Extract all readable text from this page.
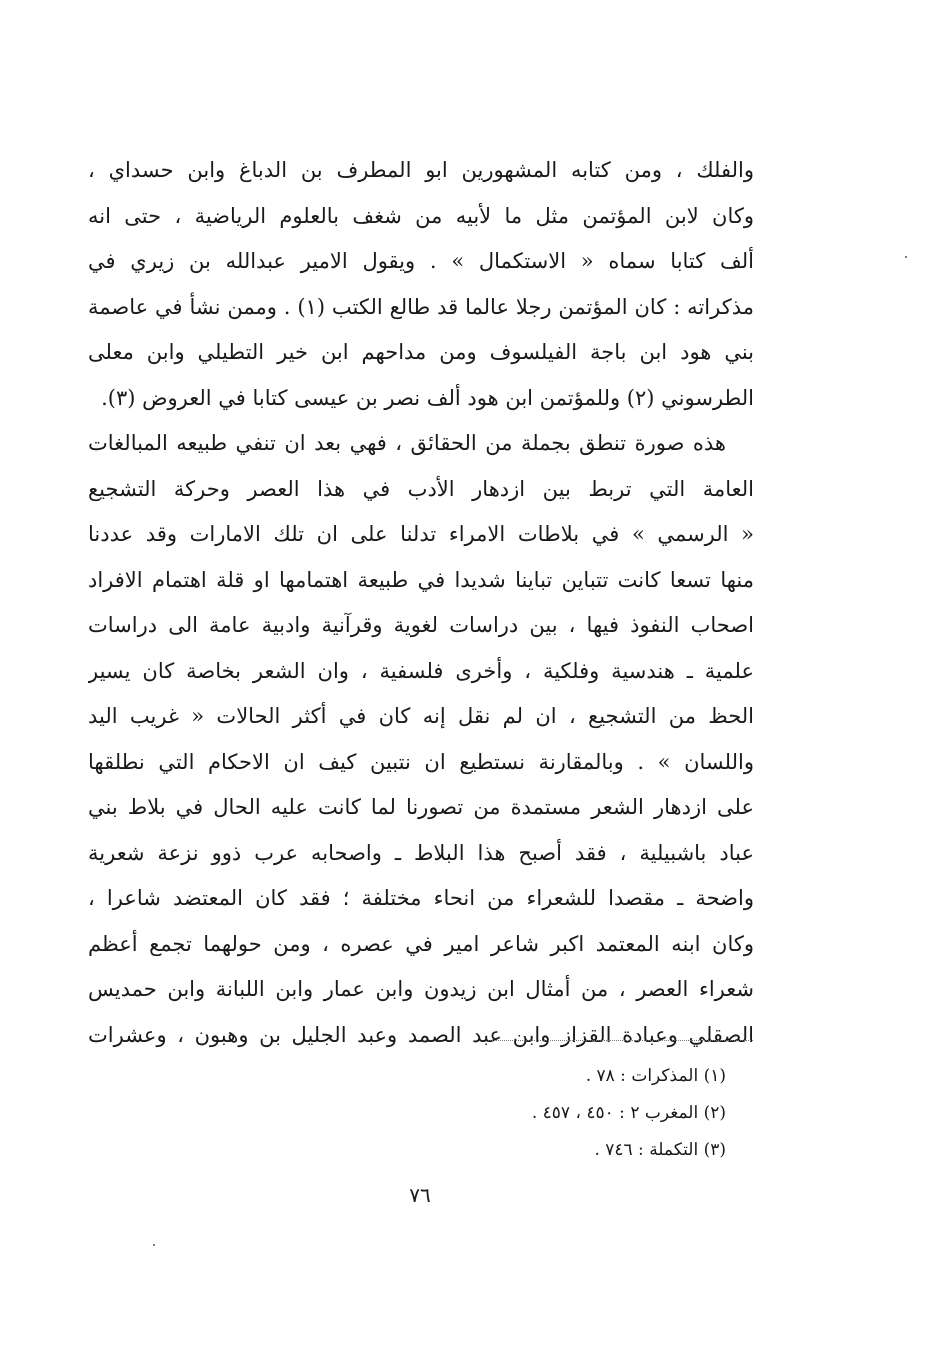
والفلك ، ومن كتابه المشهورين ابو المطرف بن الدباغ وابن حسداي ،
وكان لابن المؤتمن مثل ما لأبيه من شغف بالعلوم الرياضية ، حتى انه
ألف كتابا سماه « الاستكمال » . ويقول الامير عبدالله بن زيري في
مذكراته : كان المؤتمن رجلا عالما قد طالع الكتب (١) . وممن نشأ في عاصمة
بني هود ابن باجة الفيلسوف ومن مداحهم ابن خير التطيلي وابن معلى
الطرسوني (٢) وللمؤتمن ابن هود ألف نصر بن عيسى كتابا في العروض (٣).
هذه صورة تنطق بجملة من الحقائق ، فهي بعد ان تنفي طبيعه المبالغات
العامة التي تربط بين ازدهار الأدب في هذا العصر وحركة التشجيع
« الرسمي » في بلاطات الامراء تدلنا على ان تلك الامارات وقد عددنا
منها تسعا كانت تتباين تباينا شديدا في طبيعة اهتمامها او قلة اهتمام الافراد
اصحاب النفوذ فيها ، بين دراسات لغوية وقرآنية وادبية عامة الى دراسات
علمية ـ هندسية وفلكية ، وأخرى فلسفية ، وان الشعر بخاصة كان يسير
الحظ من التشجيع ، ان لم نقل إنه كان في أكثر الحالات « غريب اليد
واللسان » . وبالمقارنة نستطيع ان نتبين كيف ان الاحكام التي نطلقها
على ازدهار الشعر مستمدة من تصورنا لما كانت عليه الحال في بلاط بني
عباد باشبيلية ، فقد أصبح هذا البلاط ـ واصحابه عرب ذوو نزعة شعرية
واضحة ـ مقصدا للشعراء من انحاء مختلفة ؛ فقد كان المعتضد شاعرا ،
وكان ابنه المعتمد اكبر شاعر امير في عصره ، ومن حولهما تجمع أعظم
شعراء العصر ، من أمثال ابن زيدون وابن عمار وابن اللبانة وابن حمديس
الصقلي وعبادة القزاز وابن عبد الصمد وعبد الجليل بن وهبون ، وعشرات
(١) المذكرات : ٧٨ .
(٢) المغرب ٢ : ٤٥٠ ، ٤٥٧ .
(٣) التكملة : ٧٤٦ .
٧٦
